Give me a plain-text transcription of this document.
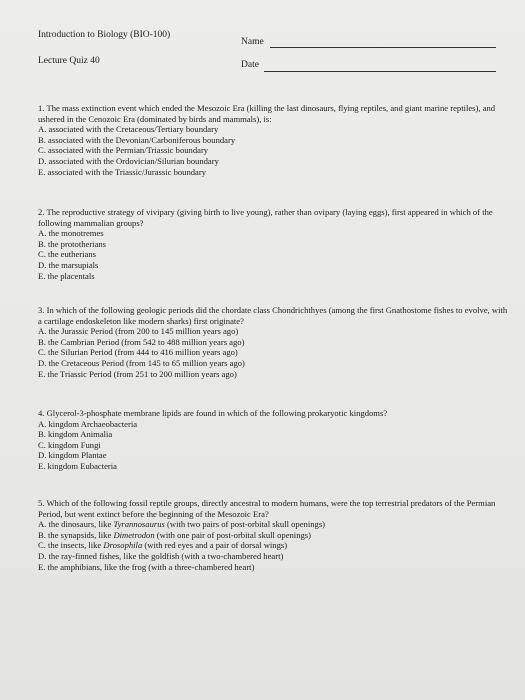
Introduction to Biology (BIO-100)
Lecture Quiz 40
Name
Date

1. The mass extinction event which ended the Mesozoic Era (killing the last dinosaurs, flying reptiles, and giant marine reptiles), and ushered in the Cenozoic Era (dominated by birds and mammals), is:

A. associated with the Cretaceous/Tertiary boundary

B. associated with the Devonian/Carboniferous boundary

C. associated with the Permian/Triassic boundary

D. associated with the Ordovician/Silurian boundary

E. associated with the Triassic/Jurassic boundary

2. The reproductive strategy of vivipary (giving birth to live young), rather than ovipary (laying eggs), first appeared in which of the following mammalian groups?

A. the monotremes

B. the prototherians

C. the eutherians

D. the marsupials

E. the placentals

3. In which of the following geologic periods did the chordate class Chondrichthyes (among the first Gnathostome fishes to evolve, with a cartilage endoskeleton like modern sharks) first originate?

A. the Jurassic Period (from 200 to 145 million years ago)

B. the Cambrian Period (from 542 to 488 million years ago)

C. the Silurian Period (from 444 to 416 million years ago)

D. the Cretaceous Period (from 145 to 65 million years ago)

E. the Triassic Period (from 251 to 200 million years ago)

4. Glycerol-3-phosphate membrane lipids are found in which of the following prokaryotic kingdoms?

A. kingdom Archaeobacteria

B. kingdom Animalia

C. kingdom Fungi

D. kingdom Plantae

E. kingdom Eubacteria

5. Which of the following fossil reptile groups, directly ancestral to modern humans, were the top terrestrial predators of the Permian Period, but went extinct before the beginning of the Mesozoic Era?

A. the dinosaurs, like Tyrannosaurus (with two pairs of post-orbital skull openings)

B. the synapsids, like Dimetrodon (with one pair of post-orbital skull openings)

C. the insects, like Drosophila (with red eyes and a pair of dorsal wings)

D. the ray-finned fishes, like the goldfish (with a two-chambered heart)

E. the amphibians, like the frog (with a three-chambered heart)
